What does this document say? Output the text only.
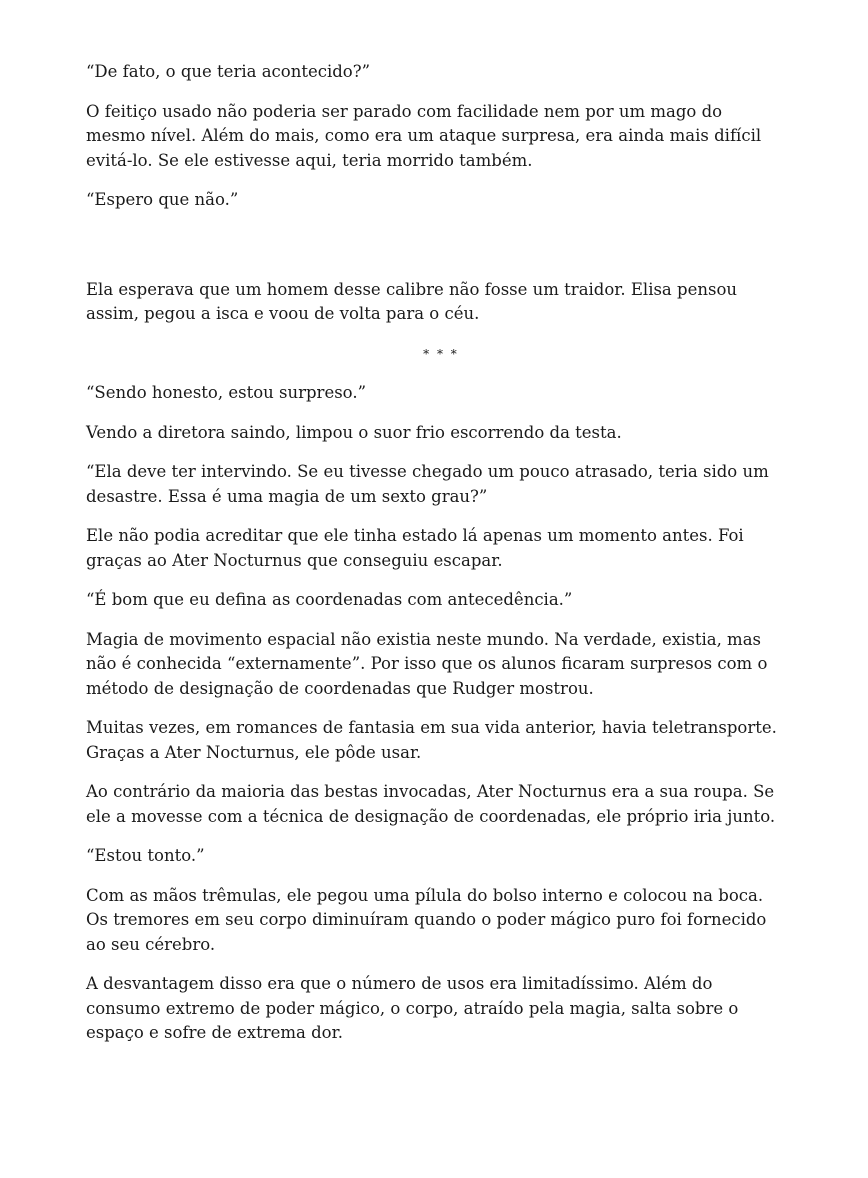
“De fato, o que teria acontecido?”

O feitiço usado não poderia ser parado com facilidade nem por um mago do mesmo nível. Além do mais, como era um ataque surpresa, era ainda mais difícil evitá-lo. Se ele estivesse aqui, teria morrido também.

“Espero que não.”

Ela esperava que um homem desse calibre não fosse um traidor. Elisa pensou assim, pegou a isca e voou de volta para o céu.

* * *

“Sendo honesto, estou surpreso.”

Vendo a diretora saindo, limpou o suor frio escorrendo da testa.

“Ela deve ter intervindo. Se eu tivesse chegado um pouco atrasado, teria sido um desastre. Essa é uma magia de um sexto grau?”

Ele não podia acreditar que ele tinha estado lá apenas um momento antes. Foi graças ao Ater Nocturnus que conseguiu escapar.

“É bom que eu defina as coordenadas com antecedência.”

Magia de movimento espacial não existia neste mundo. Na verdade, existia, mas não é conhecida “externamente”. Por isso que os alunos ficaram surpresos com o método de designação de coordenadas que Rudger mostrou.

Muitas vezes, em romances de fantasia em sua vida anterior, havia teletransporte. Graças a Ater Nocturnus, ele pôde usar.

Ao contrário da maioria das bestas invocadas, Ater Nocturnus era a sua roupa. Se ele a movesse com a técnica de designação de coordenadas, ele próprio iria junto.

“Estou tonto.”

Com as mãos trêmulas, ele pegou uma pílula do bolso interno e colocou na boca. Os tremores em seu corpo diminuíram quando o poder mágico puro foi fornecido ao seu cérebro.

A desvantagem disso era que o número de usos era limitadíssimo. Além do consumo extremo de poder mágico, o corpo, atraído pela magia, salta sobre o espaço e sofre de extrema dor.
